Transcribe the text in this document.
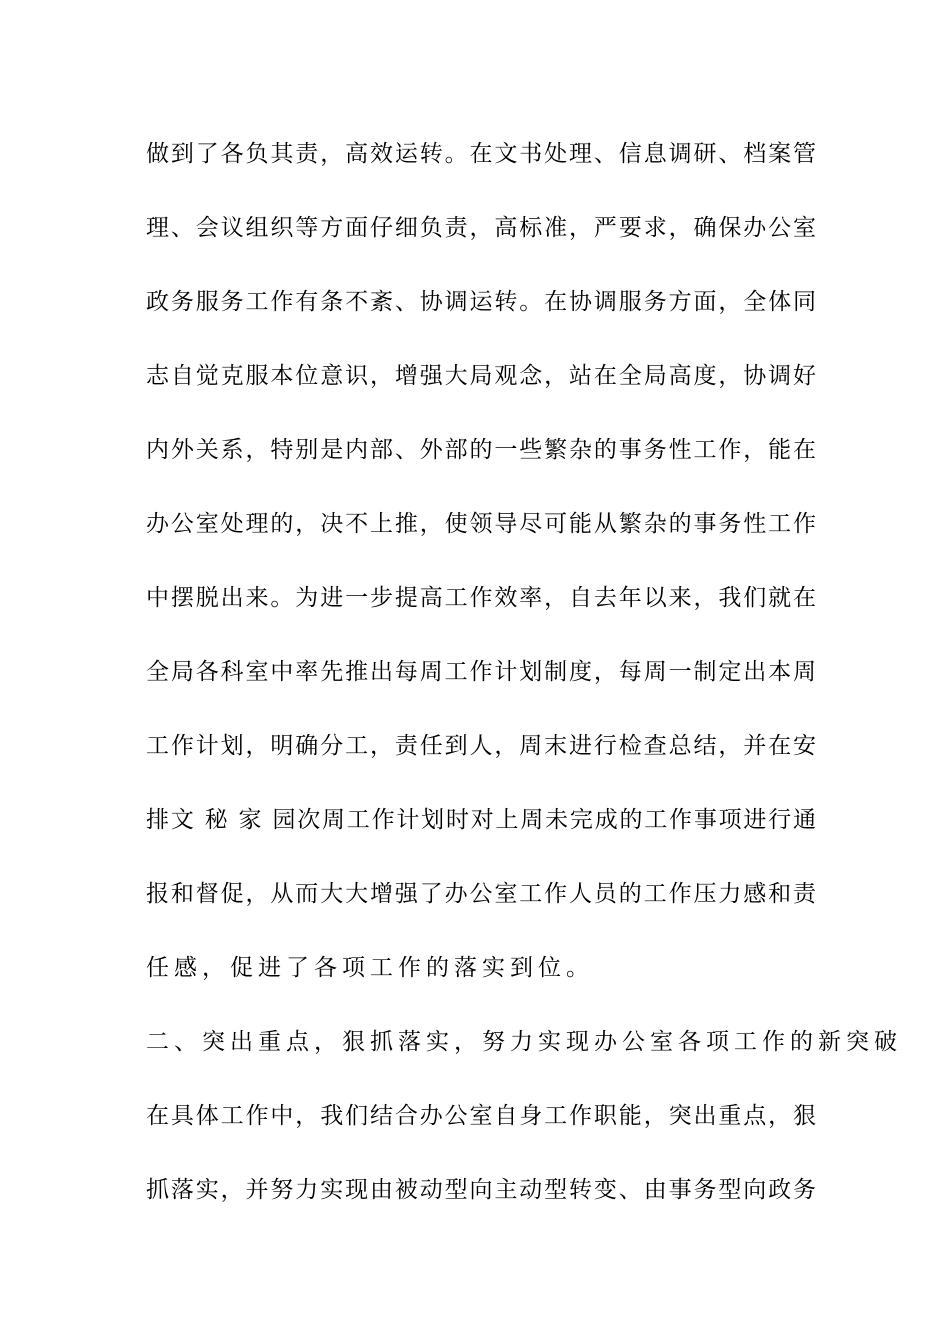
做到了各负其责，高效运转。在文书处理、信息调研、档案管
理、会议组织等方面仔细负责，高标准，严要求，确保办公室
政务服务工作有条不紊、协调运转。在协调服务方面，全体同
志自觉克服本位意识，增强大局观念，站在全局高度，协调好
内外关系，特别是内部、外部的一些繁杂的事务性工作，能在
办公室处理的，决不上推，使领导尽可能从繁杂的事务性工作
中摆脱出来。为进一步提高工作效率，自去年以来，我们就在
全局各科室中率先推出每周工作计划制度，每周一制定出本周
工作计划，明确分工，责任到人，周末进行检查总结，并在安
排文 秘 家 园次周工作计划时对上周未完成的工作事项进行通
报和督促，从而大大增强了办公室工作人员的工作压力感和责
任感，促进了各项工作的落实到位。
二、突出重点，狠抓落实，努力实现办公室各项工作的新突破
在具体工作中，我们结合办公室自身工作职能，突出重点，狠
抓落实，并努力实现由被动型向主动型转变、由事务型向政务
